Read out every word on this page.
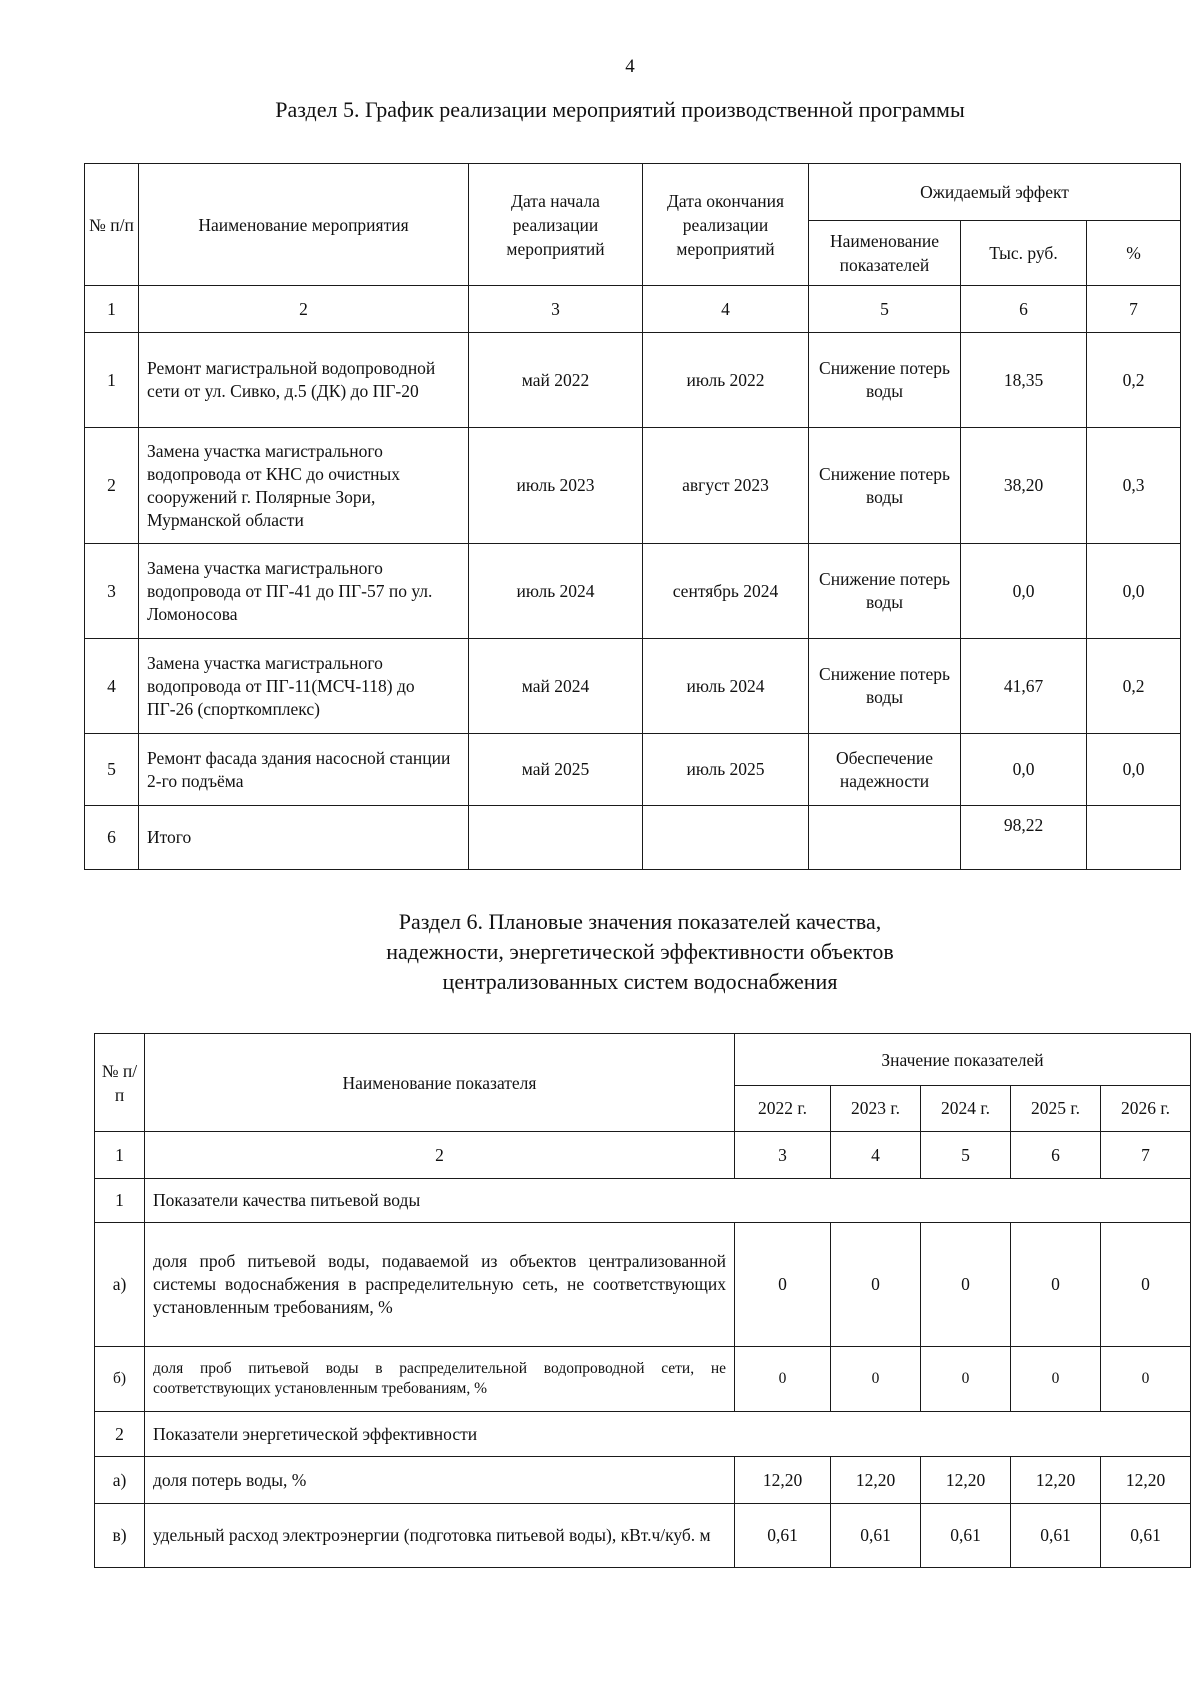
4
Раздел 5. График реализации мероприятий производственной программы
№ п/п	Наименование мероприятия	Дата начала реализации мероприятий	Дата окончания реализации мероприятий	Ожидаемый эффект		
				Наименование показателей	Тыс. руб.	%
1	2	3	4	5	6	7
1	Ремонт магистральной водопроводной сети от ул. Сивко, д.5 (ДК) до ПГ-20	май 2022	июль 2022	Снижение потерь воды	18,35	0,2
2	Замена участка магистрального водопровода от КНС до очистных сооружений г. Полярные Зори, Мурманской области	июль 2023	август 2023	Снижение потерь воды	38,20	0,3
3	Замена участка магистрального водопровода от ПГ-41 до ПГ-57 по ул. Ломоносова	июль 2024	сентябрь 2024	Снижение потерь воды	0,0	0,0
4	Замена участка магистрального водопровода от ПГ-11(МСЧ-118) до ПГ-26 (спорткомплекс)	май 2024	июль 2024	Снижение потерь воды	41,67	0,2
5	Ремонт фасада здания насосной станции 2-го подъёма	май 2025	июль 2025	Обеспечение надежности	0,0	0,0
6	Итого				98,22	
Раздел 6. Плановые значения показателей качества,
надежности, энергетической эффективности объектов
централизованных систем водоснабжения
№ п/п	Наименование показателя	Значение показателей				
		2022 г.	2023 г.	2024 г.	2025 г.	2026 г.
1	2	3	4	5	6	7
1	Показатели качества питьевой воды					
а)	доля проб питьевой воды, подаваемой из объектов централизованной системы водоснабжения в распределительную сеть, не соответствующих установленным требованиям, %	0	0	0	0	0
б)	доля проб питьевой воды в распределительной водопроводной сети, не соответствующих установленным требованиям, %	0	0	0	0	0
2	Показатели энергетической эффективности					
а)	доля потерь воды, %	12,20	12,20	12,20	12,20	12,20
в)	удельный расход электроэнергии (подготовка питьевой воды), кВт.ч/куб. м	0,61	0,61	0,61	0,61	0,61
